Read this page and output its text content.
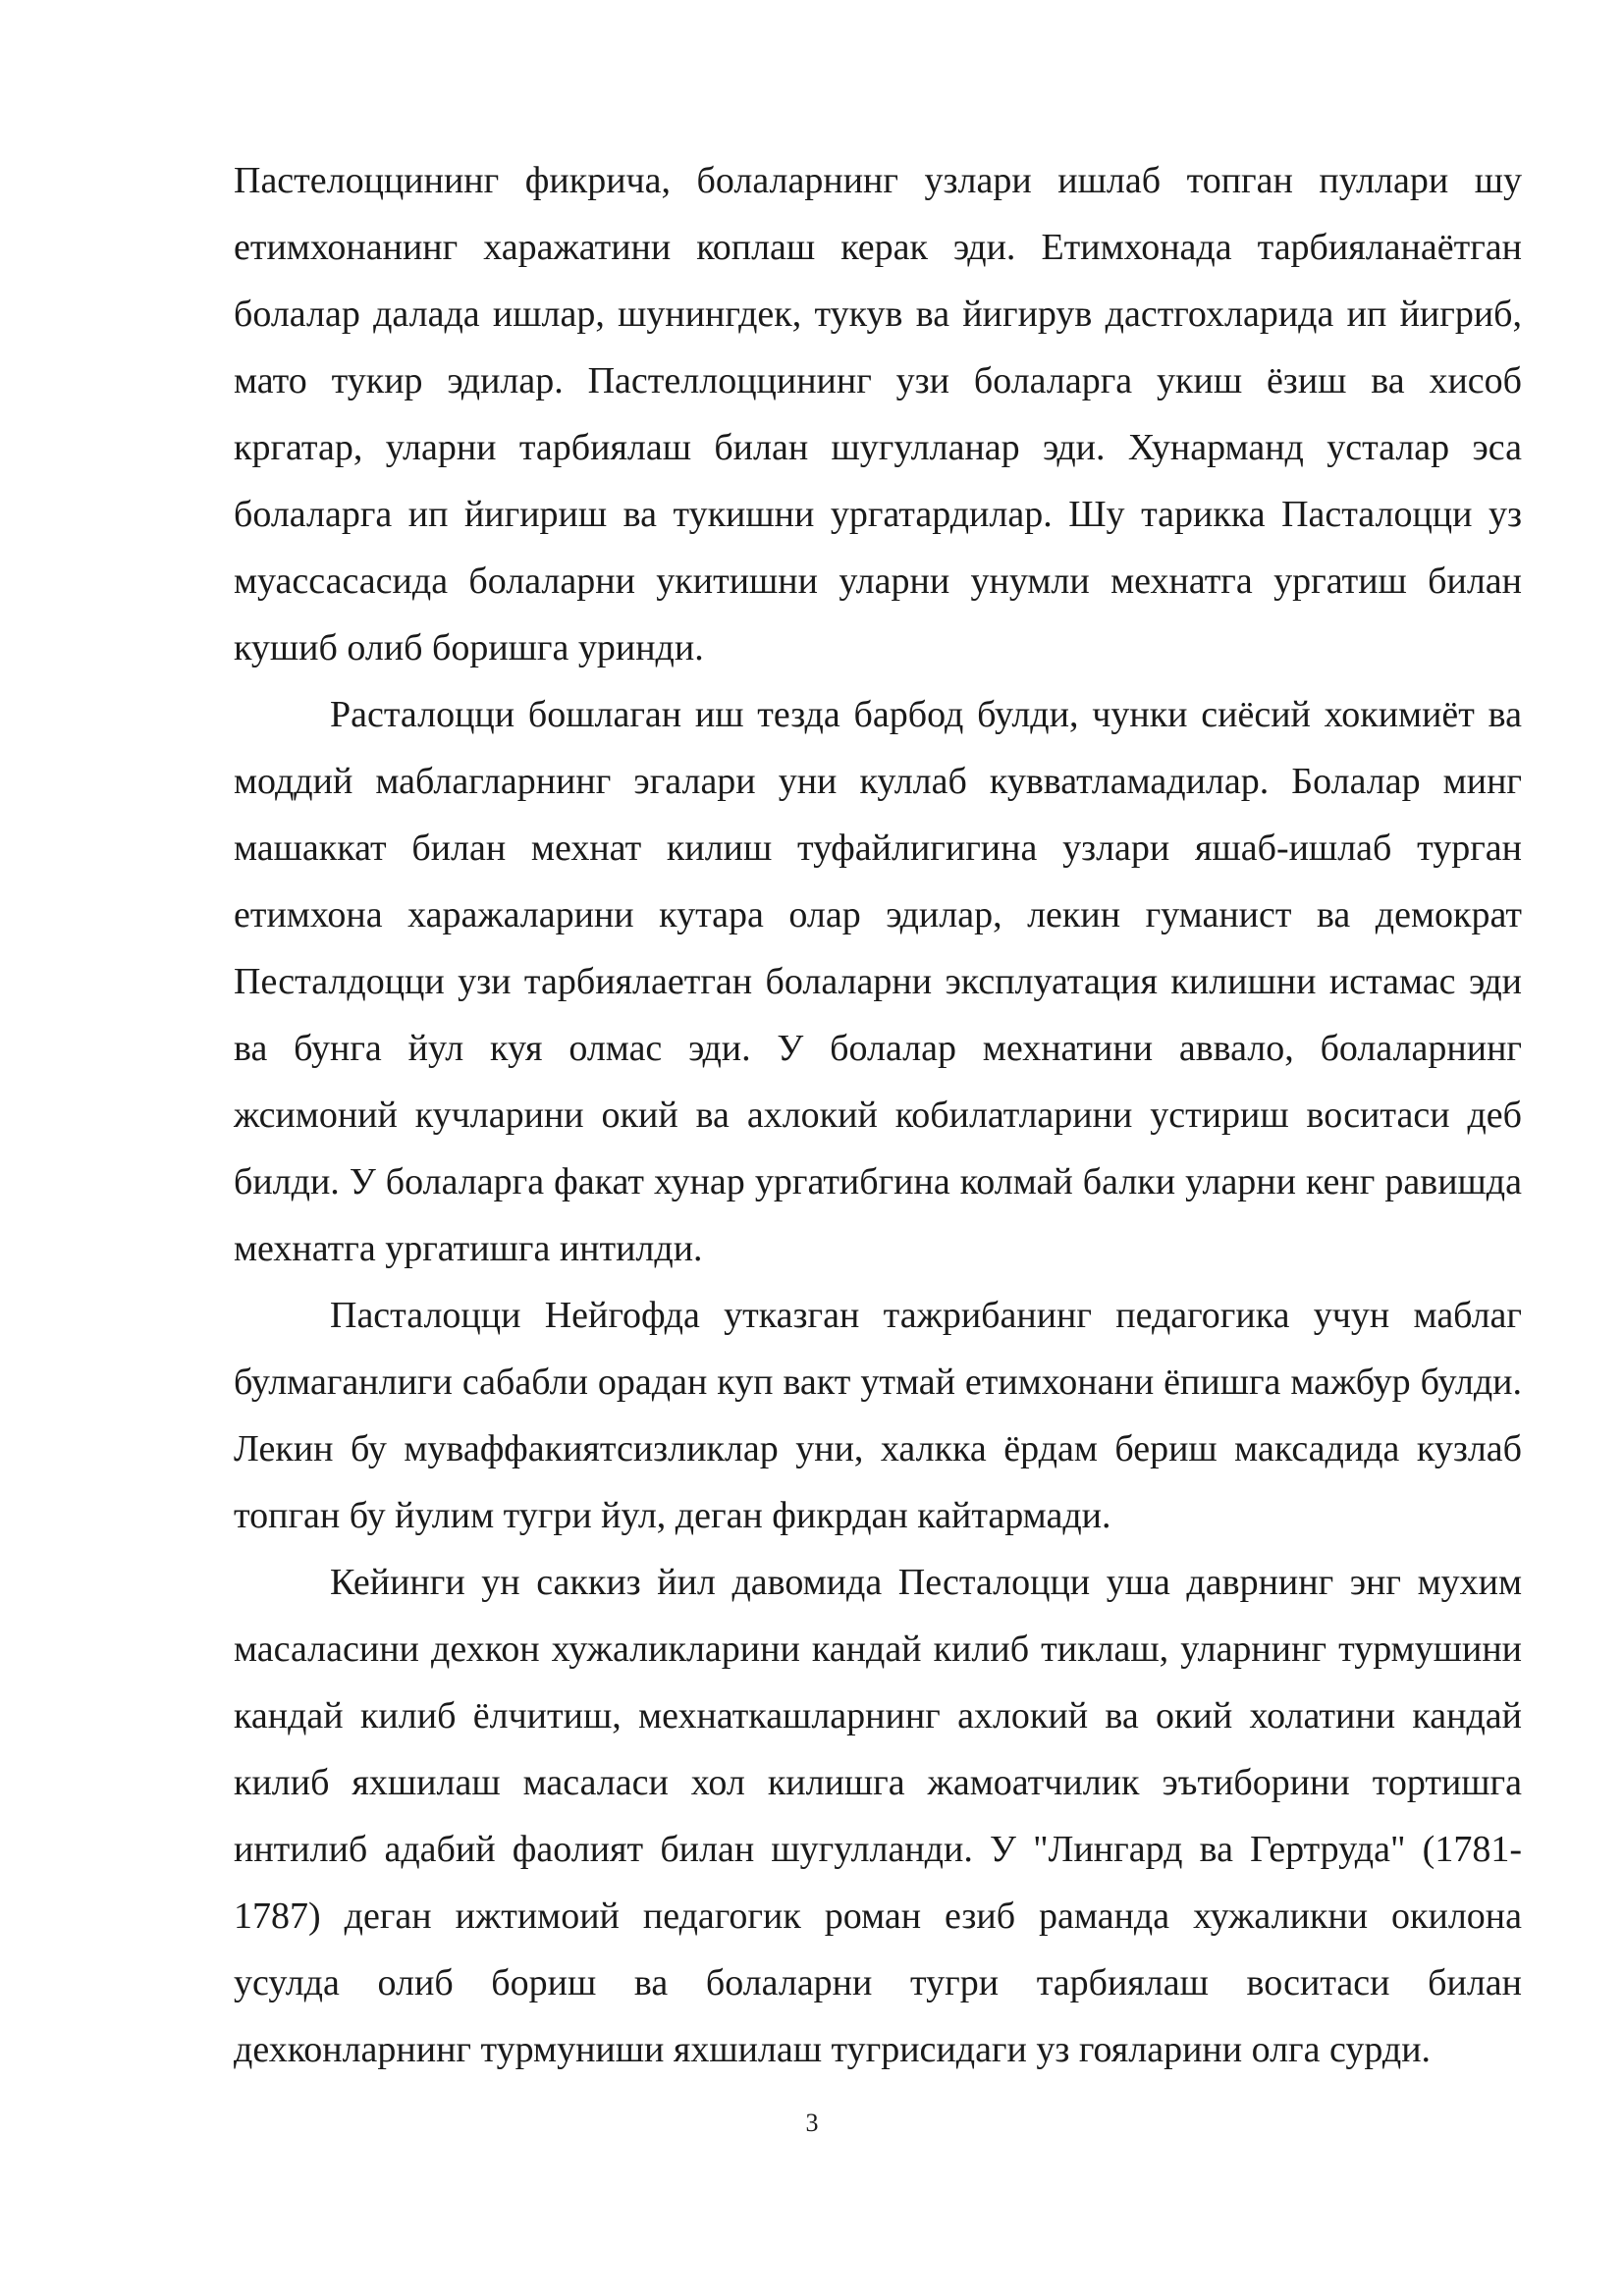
Пастелоццининг фикрича, болаларнинг узлари ишлаб топган пуллари шу етимхонанинг харажатини коплаш керак эди. Етимхонада тарбияланаётган болалар далада ишлар, шунингдек, тукув ва йигирув дастгохларида ип йигриб, мато тукир эдилар. Пастеллоццининг узи болаларга укиш ёзиш ва хисоб кргатар, уларни тарбиялаш билан шугулланар эди. Хунарманд усталар эса болаларга ип йигириш ва тукишни ургатардилар. Шу тарикка Пасталоцци уз муассасасида болаларни укитишни уларни унумли мехнатга ургатиш билан кушиб олиб боришга уринди.

Расталоцци бошлаган иш тезда барбод булди, чунки сиёсий хокимиёт ва моддий маблагларнинг эгалари уни куллаб кувватламадилар. Болалар минг машаккат билан мехнат килиш туфайлигигина узлари яшаб-ишлаб турган етимхона харажаларини кутара олар эдилар, лекин гуманист ва демократ Песталдоцци узи тарбиялаетган болаларни эксплуатация килишни истамас эди ва бунга йул куя олмас эди. У болалар мехнатини аввало, болаларнинг жсимоний кучларини окий ва ахлокий кобилатларини устириш воситаси деб билди. У болаларга факат хунар ургатибгина колмай балки уларни кенг равишда мехнатга ургатишга интилди.

Пасталоцци Нейгофда утказган тажрибанинг педагогика учун маблаг булмаганлиги сабабли орадан куп вакт утмай етимхонани ёпишга мажбур булди. Лекин бу муваффакиятсизликлар уни, халкка ёрдам бериш максадида кузлаб топган бу йулим тугри йул, деган фикрдан кайтармади.

Кейинги ун саккиз йил давомида Песталоцци уша даврнинг энг мухим масаласини дехкон хужаликларини кандай килиб тиклаш, уларнинг турмушини кандай килиб ёлчитиш, мехнаткашларнинг ахлокий ва окий холатини кандай килиб яхшилаш масаласи хол килишга жамоатчилик эътиборини тортишга интилиб адабий фаолият билан шугулланди. У "Лингард ва Гертруда" (1781-1787) деган ижтимоий педагогик роман езиб раманда хужаликни окилона усулда олиб бориш ва болаларни тугри тарбиялаш воситаси билан дехконларнинг турмуниши яхшилаш тугрисидаги уз гояларини олга сурди.

3
